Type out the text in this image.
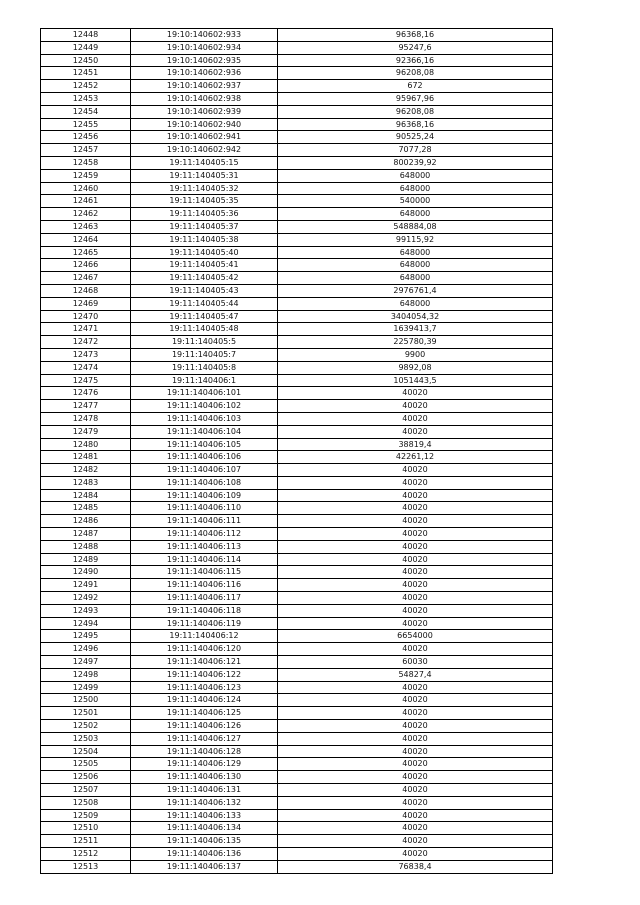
12448	19:10:140602:933	96368,16
12449	19:10:140602:934	95247,6
12450	19:10:140602:935	92366,16
12451	19:10:140602:936	96208,08
12452	19:10:140602:937	672
12453	19:10:140602:938	95967,96
12454	19:10:140602:939	96208,08
12455	19:10:140602:940	96368,16
12456	19:10:140602:941	90525,24
12457	19:10:140602:942	7077,28
12458	19:11:140405:15	800239,92
12459	19:11:140405:31	648000
12460	19:11:140405:32	648000
12461	19:11:140405:35	540000
12462	19:11:140405:36	648000
12463	19:11:140405:37	548884,08
12464	19:11:140405:38	99115,92
12465	19:11:140405:40	648000
12466	19:11:140405:41	648000
12467	19:11:140405:42	648000
12468	19:11:140405:43	2976761,4
12469	19:11:140405:44	648000
12470	19:11:140405:47	3404054,32
12471	19:11:140405:48	1639413,7
12472	19:11:140405:5	225780,39
12473	19:11:140405:7	9900
12474	19:11:140405:8	9892,08
12475	19:11:140406:1	1051443,5
12476	19:11:140406:101	40020
12477	19:11:140406:102	40020
12478	19:11:140406:103	40020
12479	19:11:140406:104	40020
12480	19:11:140406:105	38819,4
12481	19:11:140406:106	42261,12
12482	19:11:140406:107	40020
12483	19:11:140406:108	40020
12484	19:11:140406:109	40020
12485	19:11:140406:110	40020
12486	19:11:140406:111	40020
12487	19:11:140406:112	40020
12488	19:11:140406:113	40020
12489	19:11:140406:114	40020
12490	19:11:140406:115	40020
12491	19:11:140406:116	40020
12492	19:11:140406:117	40020
12493	19:11:140406:118	40020
12494	19:11:140406:119	40020
12495	19:11:140406:12	6654000
12496	19:11:140406:120	40020
12497	19:11:140406:121	60030
12498	19:11:140406:122	54827,4
12499	19:11:140406:123	40020
12500	19:11:140406:124	40020
12501	19:11:140406:125	40020
12502	19:11:140406:126	40020
12503	19:11:140406:127	40020
12504	19:11:140406:128	40020
12505	19:11:140406:129	40020
12506	19:11:140406:130	40020
12507	19:11:140406:131	40020
12508	19:11:140406:132	40020
12509	19:11:140406:133	40020
12510	19:11:140406:134	40020
12511	19:11:140406:135	40020
12512	19:11:140406:136	40020
12513	19:11:140406:137	76838,4
